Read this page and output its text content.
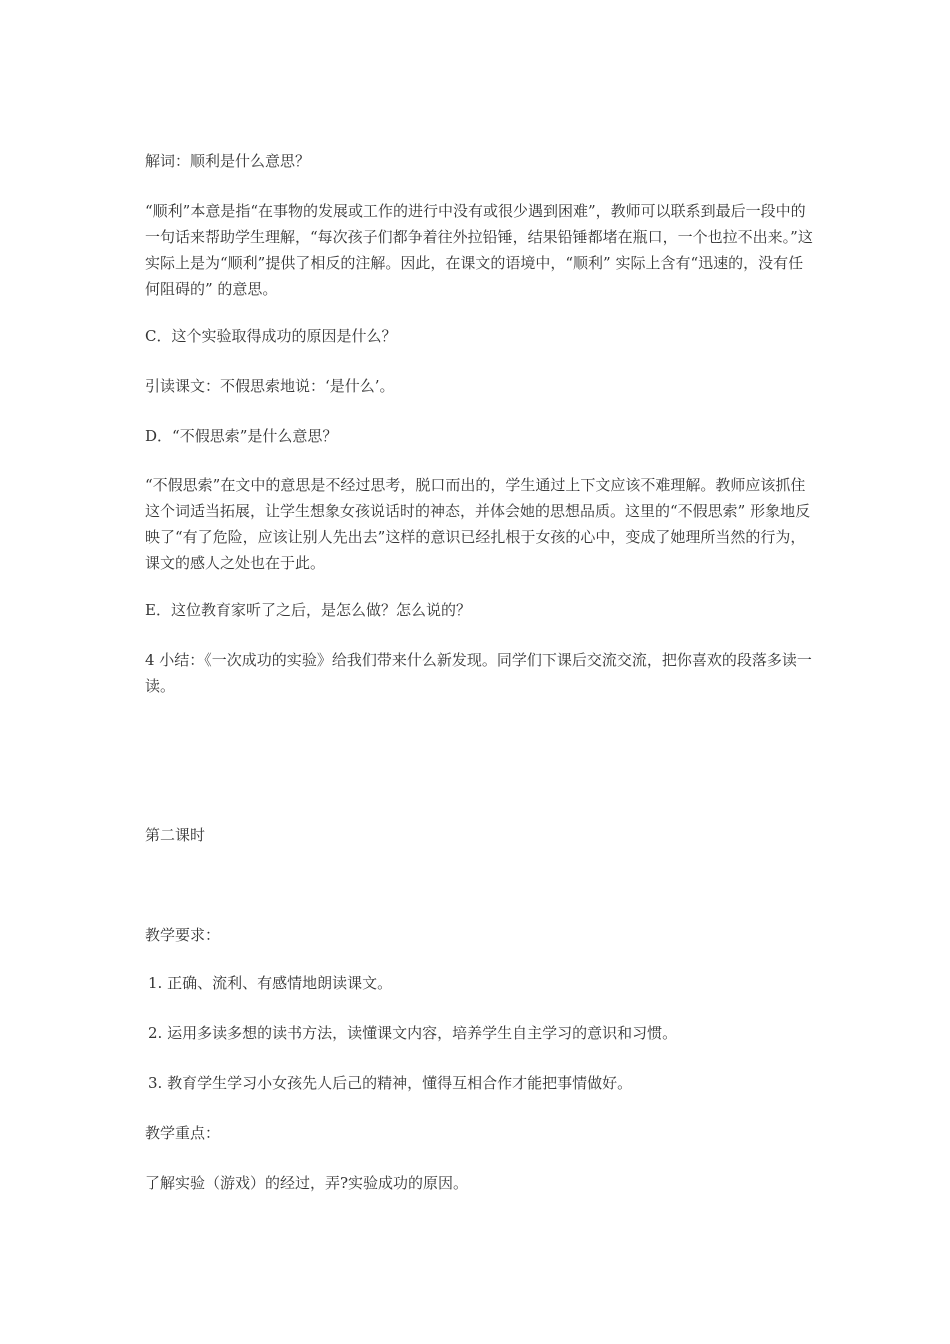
解词：顺利是什么意思？

“顺利”本意是指“在事物的发展或工作的进行中没有或很少遇到困难”，教师可以联系到最后一段中的一句话来帮助学生理解，“每次孩子们都争着往外拉铅锤，结果铅锤都堵在瓶口，一个也拉不出来。”这实际上是为“顺利”提供了相反的注解。因此，在课文的语境中，“顺利” 实际上含有“迅速的，没有任何阻碍的” 的意思。

C．这个实验取得成功的原因是什么？

引读课文：不假思索地说：‘是什么’。

D．“不假思索”是什么意思？

“不假思索”在文中的意思是不经过思考，脱口而出的，学生通过上下文应该不难理解。教师应该抓住这个词适当拓展，让学生想象女孩说话时的神态，并体会她的思想品质。这里的“不假思索” 形象地反映了“有了危险，应该让别人先出去”这样的意识已经扎根于女孩的心中，变成了她理所当然的行为，课文的感人之处也在于此。

E．这位教育家听了之后，是怎么做？怎么说的？

4 小结：《一次成功的实验》给我们带来什么新发现。同学们下课后交流交流，把你喜欢的段落多读一读。

第二课时

教学要求：

1. 正确、流利、有感情地朗读课文。

2. 运用多读多想的读书方法，读懂课文内容，培养学生自主学习的意识和习惯。

3. 教育学生学习小女孩先人后己的精神，懂得互相合作才能把事情做好。

教学重点：

了解实验（游戏）的经过，弄?实验成功的原因。
